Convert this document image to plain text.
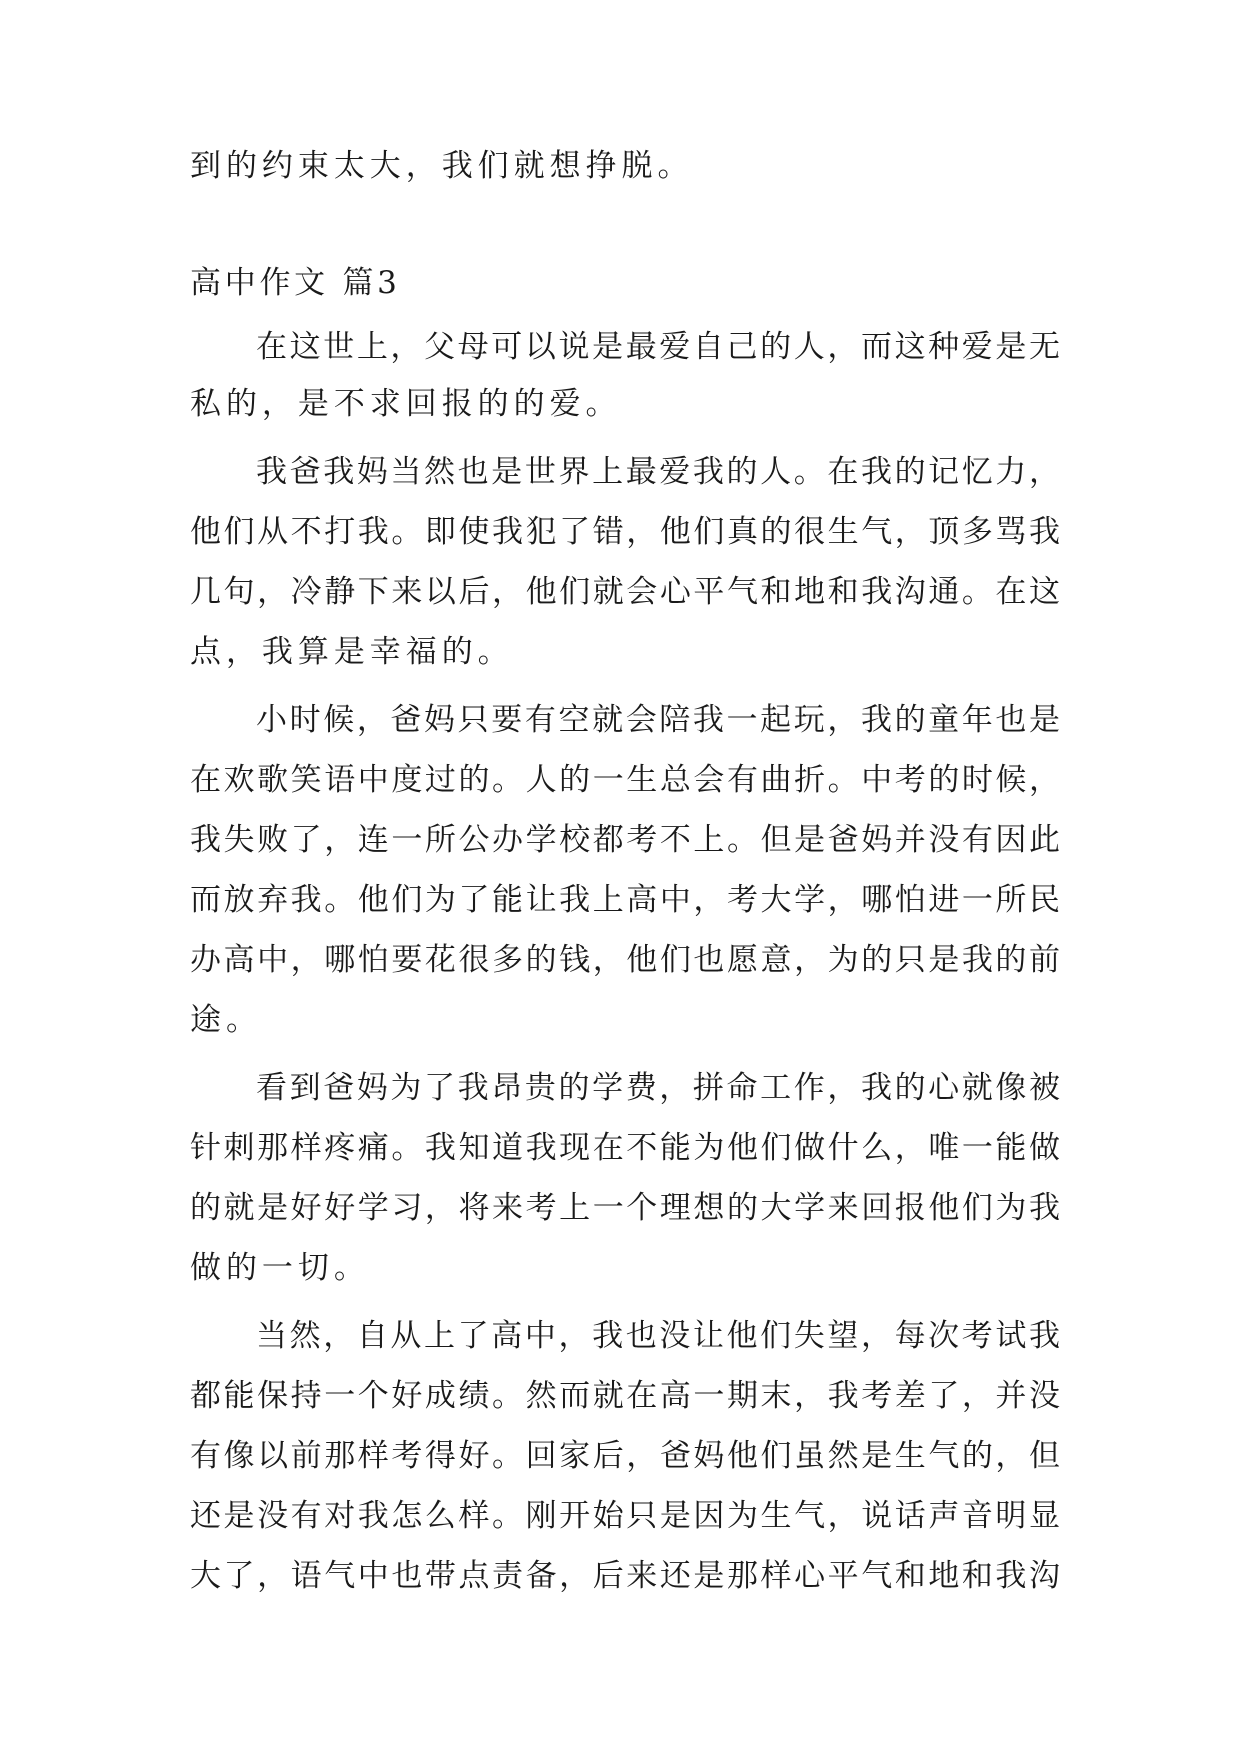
到的约束太大，我们就想挣脱。
高中作文 篇3
在这世上，父母可以说是最爱自己的人，而这种爱是无
私的，是不求回报的的爱。
我爸我妈当然也是世界上最爱我的人。在我的记忆力，
他们从不打我。即使我犯了错，他们真的很生气，顶多骂我
几句，冷静下来以后，他们就会心平气和地和我沟通。在这
点，我算是幸福的。
小时候，爸妈只要有空就会陪我一起玩，我的童年也是
在欢歌笑语中度过的。人的一生总会有曲折。中考的时候，
我失败了，连一所公办学校都考不上。但是爸妈并没有因此
而放弃我。他们为了能让我上高中，考大学，哪怕进一所民
办高中，哪怕要花很多的钱，他们也愿意，为的只是我的前
途。
看到爸妈为了我昂贵的学费，拼命工作，我的心就像被
针刺那样疼痛。我知道我现在不能为他们做什么，唯一能做
的就是好好学习，将来考上一个理想的大学来回报他们为我
做的一切。
当然，自从上了高中，我也没让他们失望，每次考试我
都能保持一个好成绩。然而就在高一期末，我考差了，并没
有像以前那样考得好。回家后，爸妈他们虽然是生气的，但
还是没有对我怎么样。刚开始只是因为生气，说话声音明显
大了，语气中也带点责备，后来还是那样心平气和地和我沟
